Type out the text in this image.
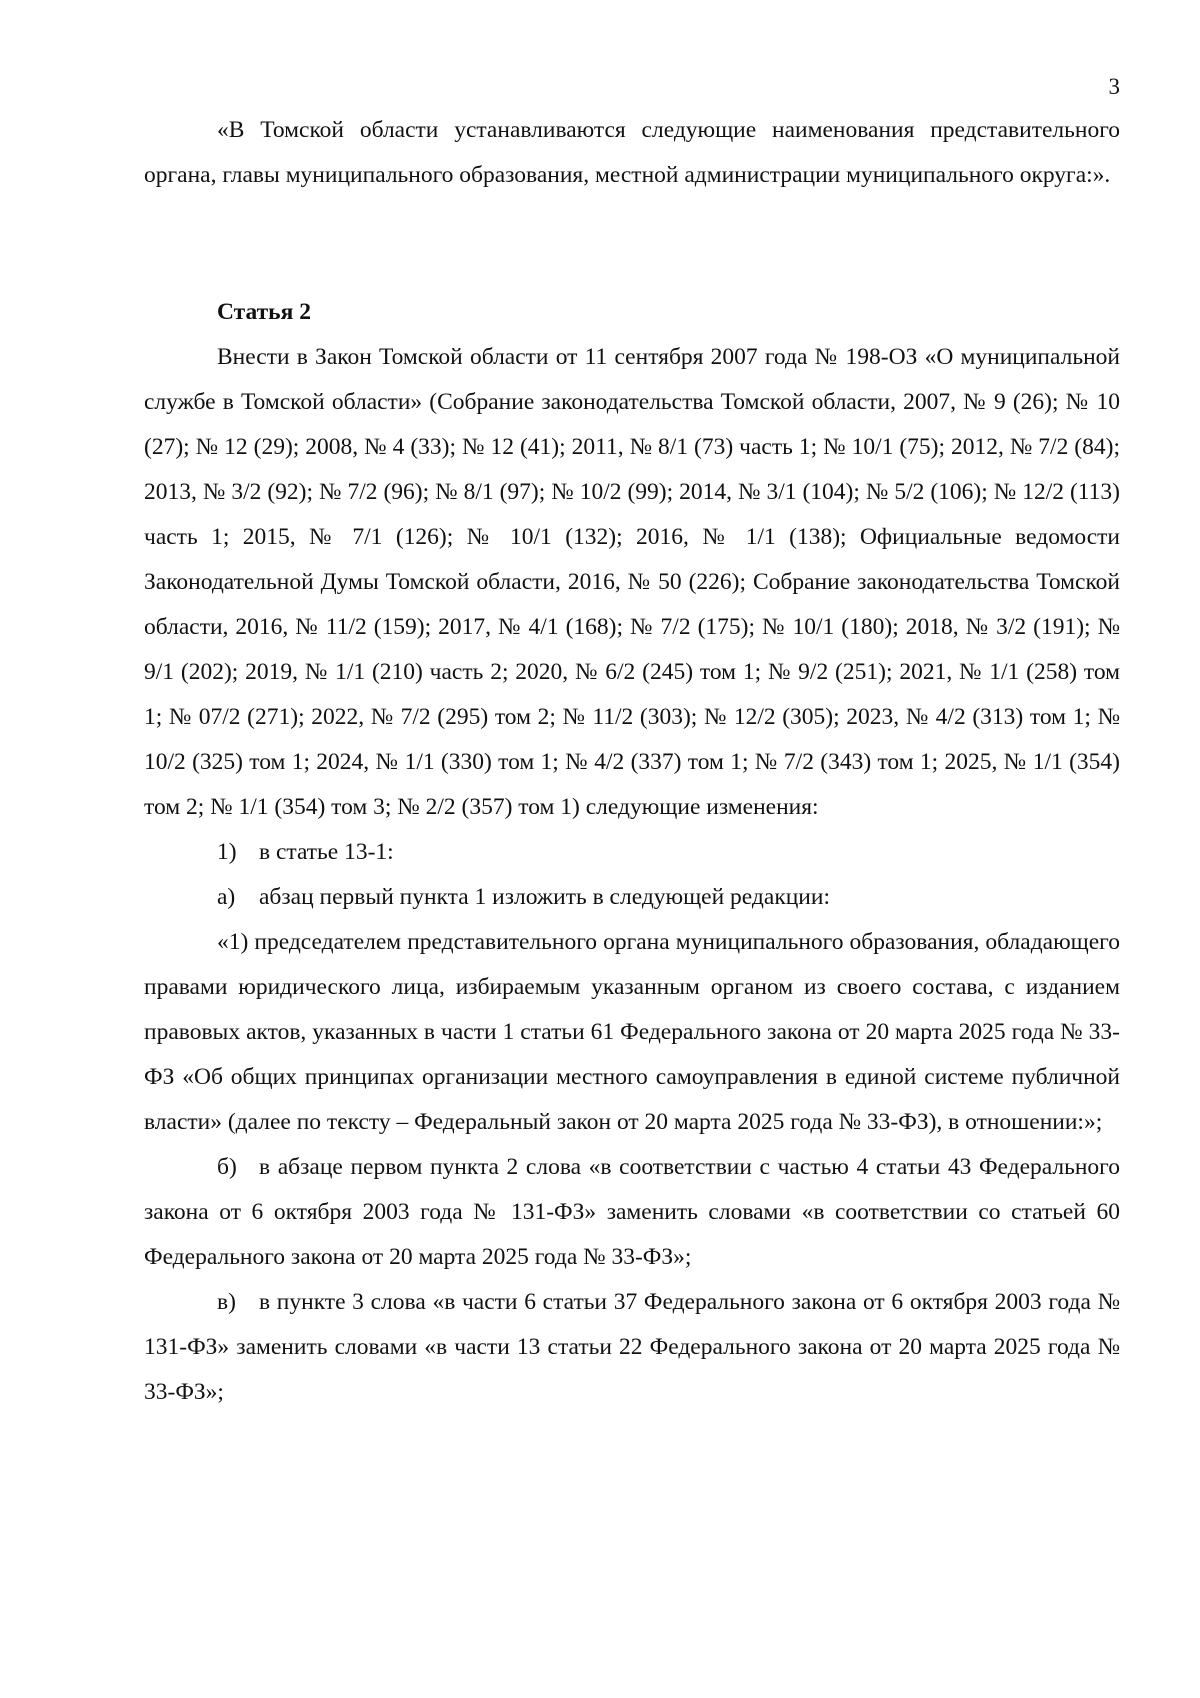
3

«В Томской области устанавливаются следующие наименования представительного органа, главы муниципального образования, местной администрации муниципального округа:».

Статья 2

Внести в Закон Томской области от 11 сентября 2007 года № 198-ОЗ «О муниципальной службе в Томской области» (Собрание законодательства Томской области, 2007, № 9 (26); № 10 (27); № 12 (29); 2008, № 4 (33); № 12 (41); 2011, № 8/1 (73) часть 1; № 10/1 (75); 2012, № 7/2 (84); 2013, № 3/2 (92); № 7/2 (96); № 8/1 (97); № 10/2 (99); 2014, № 3/1 (104); № 5/2 (106); № 12/2 (113) часть 1; 2015, № 7/1 (126); № 10/1 (132); 2016, № 1/1 (138); Официальные ведомости Законодательной Думы Томской области, 2016, № 50 (226); Собрание законодательства Томской области, 2016, № 11/2 (159); 2017, № 4/1 (168); № 7/2 (175); № 10/1 (180); 2018, № 3/2 (191); № 9/1 (202); 2019, № 1/1 (210) часть 2; 2020, № 6/2 (245) том 1; № 9/2 (251); 2021, № 1/1 (258) том 1; № 07/2 (271); 2022, № 7/2 (295) том 2; № 11/2 (303); № 12/2 (305); 2023, № 4/2 (313) том 1; № 10/2 (325) том 1; 2024, № 1/1 (330) том 1; № 4/2 (337) том 1; № 7/2 (343) том 1; 2025, № 1/1 (354) том 2; № 1/1 (354) том 3; № 2/2 (357) том 1) следующие изменения:

1) в статье 13-1:

а) абзац первый пункта 1 изложить в следующей редакции:

«1) председателем представительного органа муниципального образования, обладающего правами юридического лица, избираемым указанным органом из своего состава, с изданием правовых актов, указанных в части 1 статьи 61 Федерального закона от 20 марта 2025 года № 33-ФЗ «Об общих принципах организации местного самоуправления в единой системе публичной власти» (далее по тексту – Федеральный закон от 20 марта 2025 года № 33-ФЗ), в отношении:»;

б) в абзаце первом пункта 2 слова «в соответствии с частью 4 статьи 43 Федерального закона от 6 октября 2003 года № 131-ФЗ» заменить словами «в соответствии со статьей 60 Федерального закона от 20 марта 2025 года № 33-ФЗ»;

в) в пункте 3 слова «в части 6 статьи 37 Федерального закона от 6 октября 2003 года № 131-ФЗ» заменить словами «в части 13 статьи 22 Федерального закона от 20 марта 2025 года № 33-ФЗ»;
